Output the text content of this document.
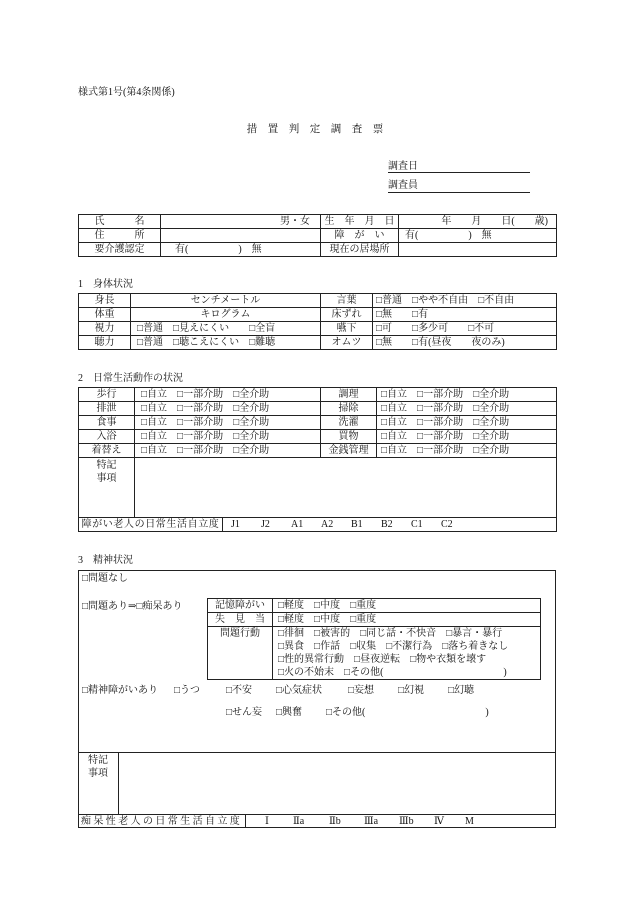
様式第1号(第4条関係)
措　置　判　定　調　査　票
調査日
調査員
氏　　　名	男・女	生　年　月　日	年　　月　　日(　　歳)
住　　　所		障　が　い	有(　　　　　)　無
要介護認定	有(　　　　　)　無	現在の居場所	
1　身体状況
身長	センチメートル	言葉	□普通　□やや不自由　□不自由
体重	キログラム	床ずれ	□無　　□有
視力	□普通　□見えにくい　　□全盲	嚥下	□可　　□多少可　　□不可
聴力	□普通　□聴こえにくい　□難聴	オムツ	□無　　□有(昼夜　　夜のみ)
2　日常生活動作の状況
歩行	□自立　□一部介助　□全介助		調理	□自立　□一部介助　□全介助
排泄	□自立　□一部介助　□全介助		掃除	□自立　□一部介助　□全介助
食事	□自立　□一部介助　□全介助		洗濯	□自立　□一部介助　□全介助
入浴	□自立　□一部介助　□全介助		買物	□自立　□一部介助　□全介助
着替え	□自立　□一部介助　□全介助		金銭管理	□自立　□一部介助　□全介助

特記
事項				

障がい老人の日常生活自立度		J1 J2 A1 A2 B1 B2 C1 C2		
3　精神状況
□問題なし
□問題あり⇒□痴呆あり	記憶障がい	□軽度　□中度　□重度
失　見　当	□軽度　□中度　□重度
問題行動	□徘徊　□被害的　□同じ話・不快音　□暴言・暴行
□異食　□作話　□収集　□不潔行為　□落ち着きなし
□性的異常行動　□昼夜逆転　□物や衣類を壊す
□火の不始末　□その他(　　　　　　　　　　　　)
□精神障がいあり □うつ	□不安 □心気症状	□妄想 □幻視 □幻聴
□せん妄 □興奮 □その他(　　　　　　　　　　　　)
特記
事項
痴呆性老人の日常生活自立度 Ⅰ Ⅱa Ⅱb Ⅲa Ⅲb Ⅳ M
